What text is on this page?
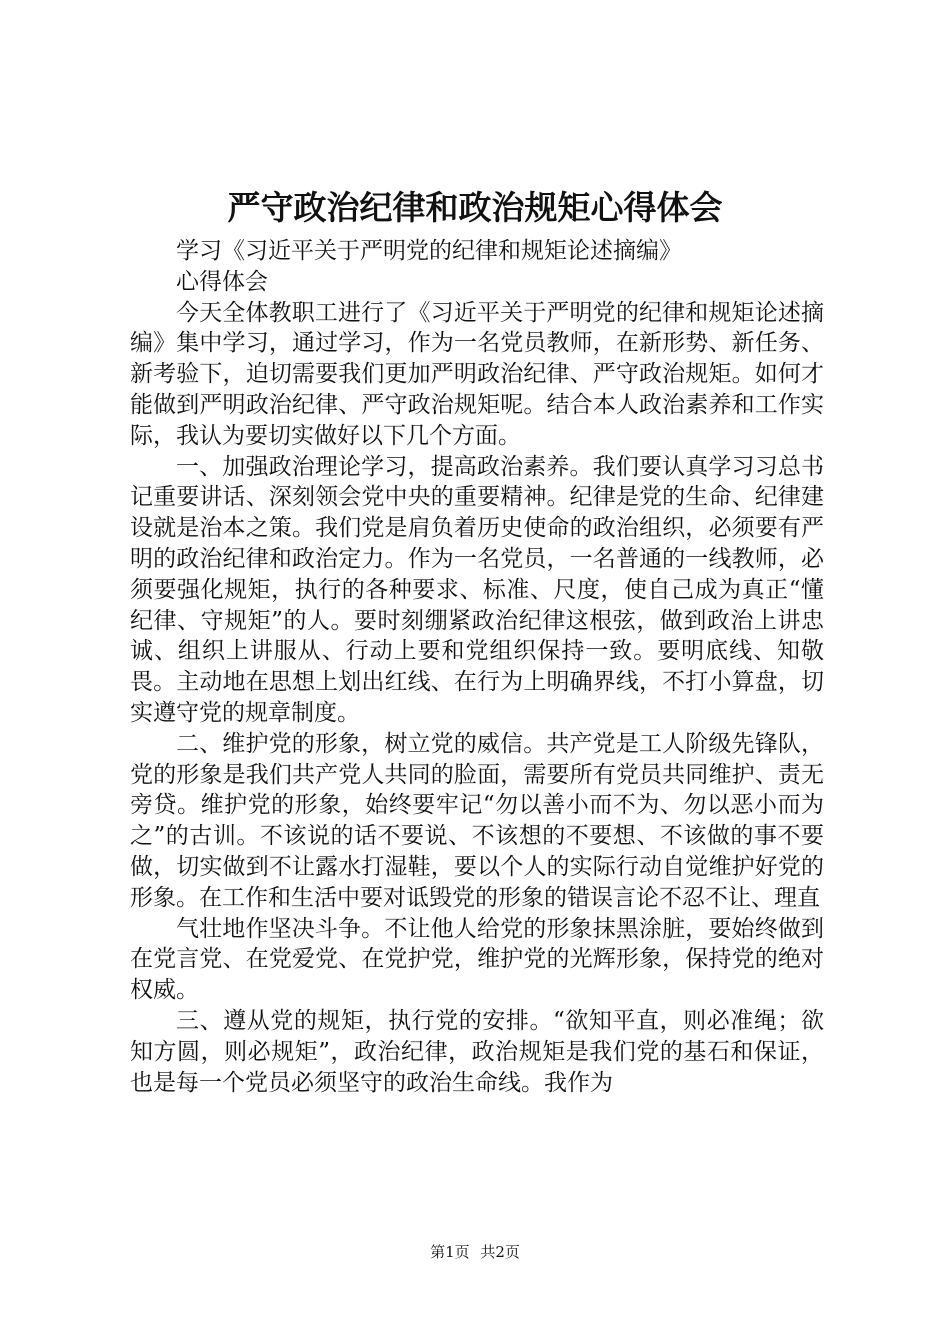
严守政治纪律和政治规矩心得体会

学习《习近平关于严明党的纪律和规矩论述摘编》

心得体会

今天全体教职工进行了《习近平关于严明党的纪律和规矩论述摘编》集中学习，通过学习，作为一名党员教师，在新形势、新任务、新考验下，迫切需要我们更加严明政治纪律、严守政治规矩。如何才能做到严明政治纪律、严守政治规矩呢。结合本人政治素养和工作实际，我认为要切实做好以下几个方面。

一、加强政治理论学习，提高政治素养。我们要认真学习习总书记重要讲话、深刻领会党中央的重要精神。纪律是党的生命、纪律建设就是治本之策。我们党是肩负着历史使命的政治组织，必须要有严明的政治纪律和政治定力。作为一名党员，一名普通的一线教师，必须要强化规矩，执行的各种要求、标准、尺度，使自己成为真正“懂纪律、守规矩”的人。要时刻绷紧政治纪律这根弦，做到政治上讲忠诚、组织上讲服从、行动上要和党组织保持一致。要明底线、知敬畏。主动地在思想上划出红线、在行为上明确界线，不打小算盘，切实遵守党的规章制度。

二、维护党的形象，树立党的威信。共产党是工人阶级先锋队，党的形象是我们共产党人共同的脸面，需要所有党员共同维护、责无旁贷。维护党的形象，始终要牢记“勿以善小而不为、勿以恶小而为之”的古训。不该说的话不要说、不该想的不要想、不该做的事不要做，切实做到不让露水打湿鞋，要以个人的实际行动自觉维护好党的形象。在工作和生活中要对诋毁党的形象的错误言论不忍不让、理直

气壮地作坚决斗争。不让他人给党的形象抹黑涂脏，要始终做到在党言党、在党爱党、在党护党，维护党的光辉形象，保持党的绝对权威。

三、遵从党的规矩，执行党的安排。“欲知平直，则必准绳；欲知方圆，则必规矩”，政治纪律，政治规矩是我们党的基石和保证，也是每一个党员必须坚守的政治生命线。我作为

第1页 共2页
